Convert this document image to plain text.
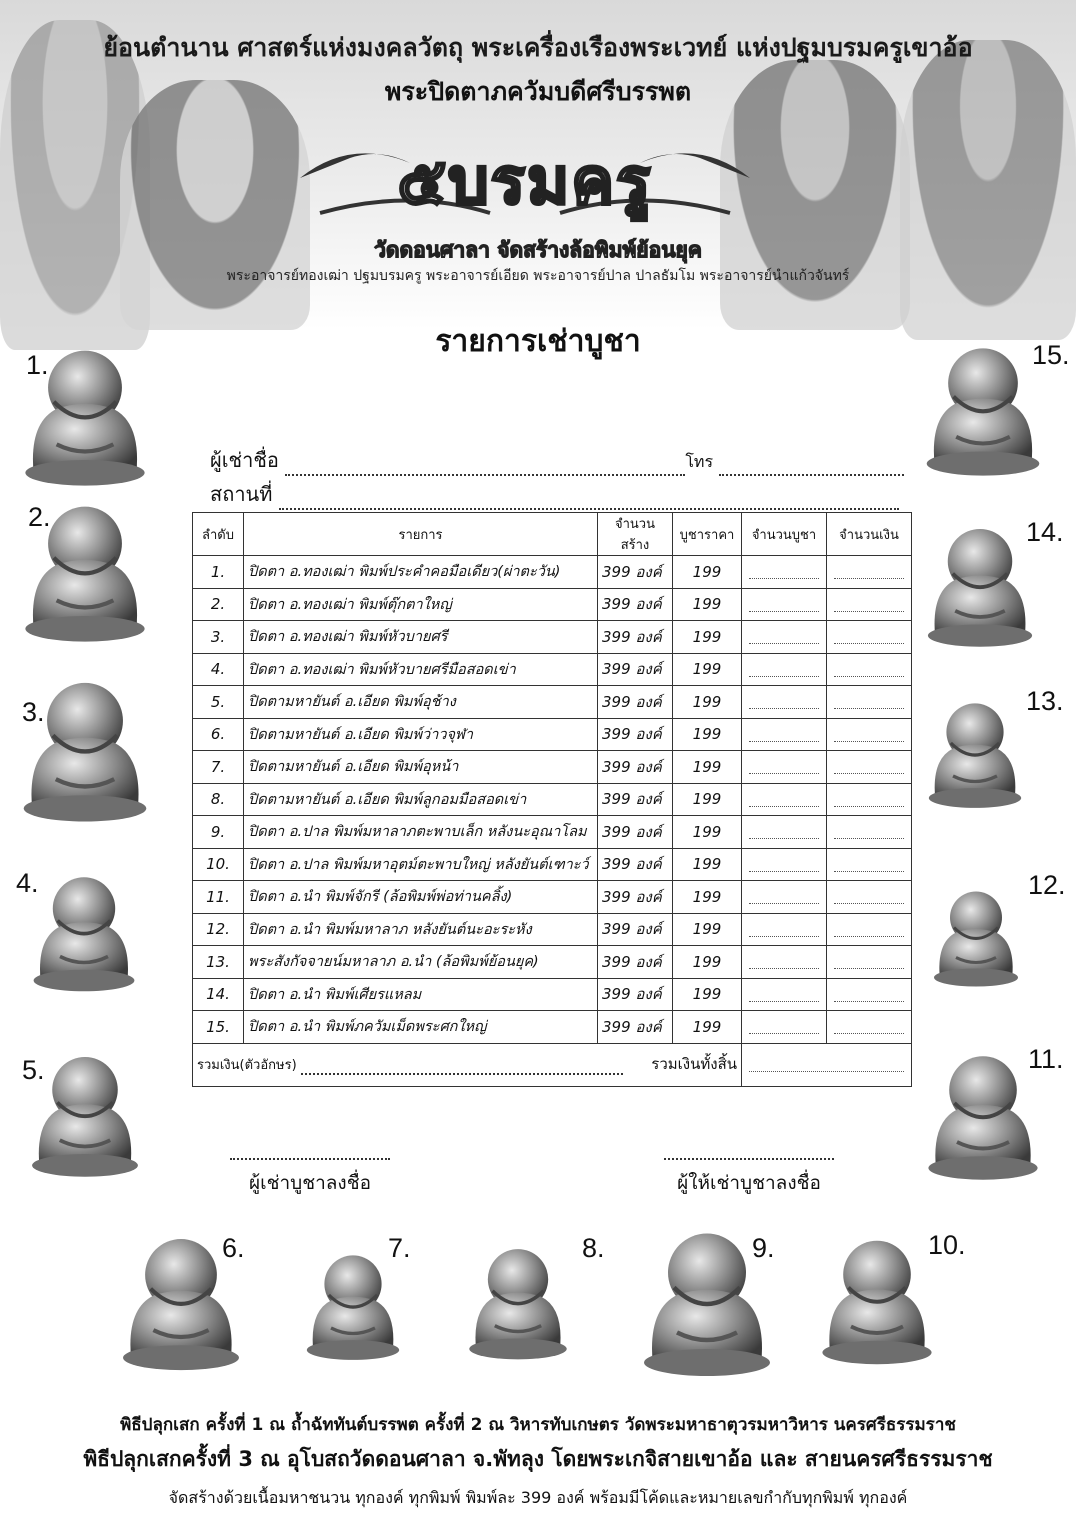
ย้อนตำนาน ศาสตร์แห่งมงคลวัตถุ พระเครื่องเรืองพระเวทย์ แห่งปฐมบรมครูเขาอ้อ
พระปิดตาภควัมบดีศรีบรรพต
๕บรมครู
วัดดอนศาลา จัดสร้างล้อพิมพ์ย้อนยุค
พระอาจารย์ทองเฒ่า ปฐมบรมครู พระอาจารย์เอียด พระอาจารย์ปาล ปาลธัมโม พระอาจารย์นำแก้วจันทร์
รายการเช่าบูชา
1.
2.
3.
4.
5.
6.	7.	8.	9.	10.
11.
12.
13.
14.
15.
ผู้เช่าชื่อ	โทร
สถานที่
ลำดับ	รายการ	จำนวนสร้าง	บูชาราคา	จำนวนบูชา	จำนวนเงิน
1.	ปิดตา อ.ทองเฒ่า พิมพ์ประคำคอมือเดียว(ผ่าตะวัน)	399 องค์	199	

2.	ปิดตา อ.ทองเฒ่า พิมพ์ตุ๊กตาใหญ่	399 องค์	199	

3.	ปิดตา อ.ทองเฒ่า พิมพ์หัวบายศรี	399 องค์	199	

4.	ปิดตา อ.ทองเฒ่า พิมพ์หัวบายศรีมือสอดเข่า	399 องค์	199	

5.	ปิดตามหายันต์ อ.เอียด พิมพ์อุช้าง	399 องค์	199	

6.	ปิดตามหายันต์ อ.เอียด พิมพ์ว่าวจุฬา	399 องค์	199	

7.	ปิดตามหายันต์ อ.เอียด พิมพ์อุหน้า	399 องค์	199	

8.	ปิดตามหายันต์ อ.เอียด พิมพ์ลูกอมมือสอดเข่า	399 องค์	199	

9.	ปิดตา อ.ปาล พิมพ์มหาลาภตะพาบเล็ก หลังนะอุณาโลม	399 องค์	199	

10.	ปิดตา อ.ปาล พิมพ์มหาอุตม์ตะพาบใหญ่ หลังยันต์เฑาะว์	399 องค์	199	

11.	ปิดตา อ.นำ พิมพ์จักรี (ล้อพิมพ์พ่อท่านคลิ้ง)	399 องค์	199	

12.	ปิดตา อ.นำ พิมพ์มหาลาภ หลังยันต์นะอะระหัง	399 องค์	199	

13.	พระสังกัจจายน์มหาลาภ อ.นำ (ล้อพิมพ์ย้อนยุค)	399 องค์	199	

14.	ปิดตา อ.นำ พิมพ์เศียรแหลม	399 องค์	199	

15.	ปิดตา อ.นำ พิมพ์ภควัมเม็ดพระศกใหญ่	399 องค์	199	

รวมเงิน(ตัวอักษร) รวมเงินทั้งสิ้น					

ผู้เช่าบูชาลงชื่อ	ผู้ให้เช่าบูชาลงชื่อ
พิธีปลุกเสก ครั้งที่ 1 ณ ถ้ำฉัททันต์บรรพต ครั้งที่ 2 ณ วิหารทับเกษตร วัดพระมหาธาตุวรมหาวิหาร นครศรีธรรมราช
พิธีปลุกเสกครั้งที่ 3 ณ อุโบสถวัดดอนศาลา จ.พัทลุง โดยพระเกจิสายเขาอ้อ และ สายนครศรีธรรมราช
จัดสร้างด้วยเนื้อมหาชนวน ทุกองค์ ทุกพิมพ์ พิมพ์ละ 399 องค์ พร้อมมีโค้ดและหมายเลขกำกับทุกพิมพ์ ทุกองค์
